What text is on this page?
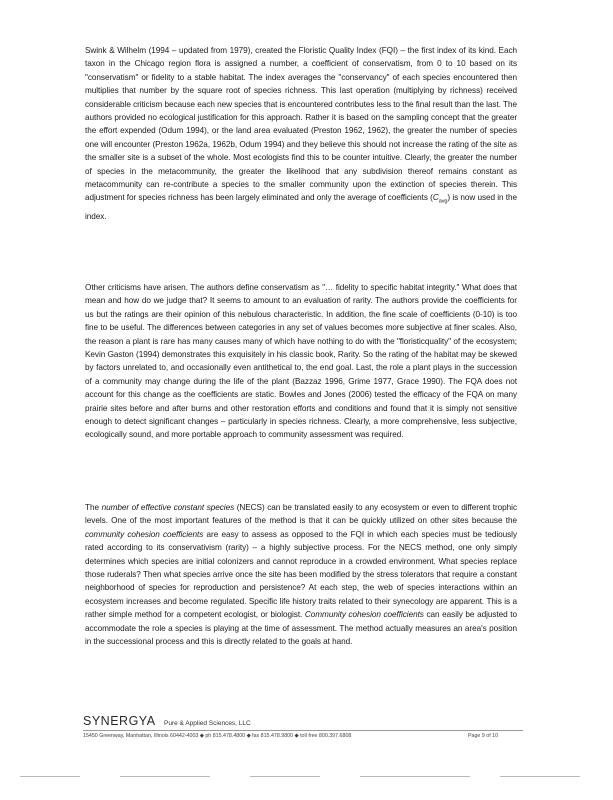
Swink & Wilhelm (1994 – updated from 1979), created the Floristic Quality Index (FQI) – the first index of its kind. Each taxon in the Chicago region flora is assigned a number, a coefficient of conservatism, from 0 to 10 based on its "conservatism" or fidelity to a stable habitat. The index averages the "conservancy" of each species encountered then multiplies that number by the square root of species richness. This last operation (multiplying by richness) received considerable criticism because each new species that is encountered contributes less to the final result than the last. The authors provided no ecological justification for this approach. Rather it is based on the sampling concept that the greater the effort expended (Odum 1994), or the land area evaluated (Preston 1962, 1962), the greater the number of species one will encounter (Preston 1962a, 1962b, Odum 1994) and they believe this should not increase the rating of the site as the smaller site is a subset of the whole. Most ecologists find this to be counter intuitive. Clearly, the greater the number of species in the metacommunity, the greater the likelihood that any subdivision thereof remains constant as metacommunity can re-contribute a species to the smaller community upon the extinction of species therein. This adjustment for species richness has been largely eliminated and only the average of coefficients $(C_{avg})$ is now used in the index.

Other criticisms have arisen. The authors define conservatism as "… fidelity to specific habitat integrity." What does that mean and how do we judge that? It seems to amount to an evaluation of rarity. The authors provide the coefficients for us but the ratings are their opinion of this nebulous characteristic. In addition, the fine scale of coefficients (0-10) is too fine to be useful. The differences between categories in any set of values becomes more subjective at finer scales. Also, the reason a plant is rare has many causes many of which have nothing to do with the "floristicquality" of the ecosystem; Kevin Gaston (1994) demonstrates this exquisitely in his classic book, Rarity. So the rating of the habitat may be skewed by factors unrelated to, and occasionally even antithetical to, the end goal. Last, the role a plant plays in the succession of a community may change during the life of the plant (Bazzaz 1996, Grime 1977, Grace 1990). The FQA does not account for this change as the coefficients are static. Bowles and Jones (2006) tested the efficacy of the FQA on many prairie sites before and after burns and other restoration efforts and conditions and found that it is simply not sensitive enough to detect significant changes – particularly in species richness. Clearly, a more comprehensive, less subjective, ecologically sound, and more portable approach to community assessment was required.

The number of effective constant species (NECS) can be translated easily to any ecosystem or even to different trophic levels. One of the most important features of the method is that it can be quickly utilized on other sites because the community cohesion coefficients are easy to assess as opposed to the FQI in which each species must be tediously rated according to its conservativism (rarity) – a highly subjective process. For the NECS method, one only simply determines which species are initial colonizers and cannot reproduce in a crowded environment. What species replace those ruderals? Then what species arrive once the site has been modified by the stress tolerators that require a constant neighborhood of species for reproduction and persistence? At each step, the web of species interactions within an ecosystem increases and become regulated. Specific life history traits related to their synecology are apparent. This is a rather simple method for a competent ecologist, or biologist. Community cohesion coefficients can easily be adjusted to accommodate the role a species is playing at the time of assessment. The method actually measures an area's position in the successional process and this is directly related to the goals at hand.

SYNERGYA Pure & Applied Sciences, LLC
15450 Greenway, Manhattan, Illinois 60442-4003 ◆ ph 815.478.4800 ◆ fax 815.478.9800 ◆ toll free 800.397.6808	Page 9 of 10
